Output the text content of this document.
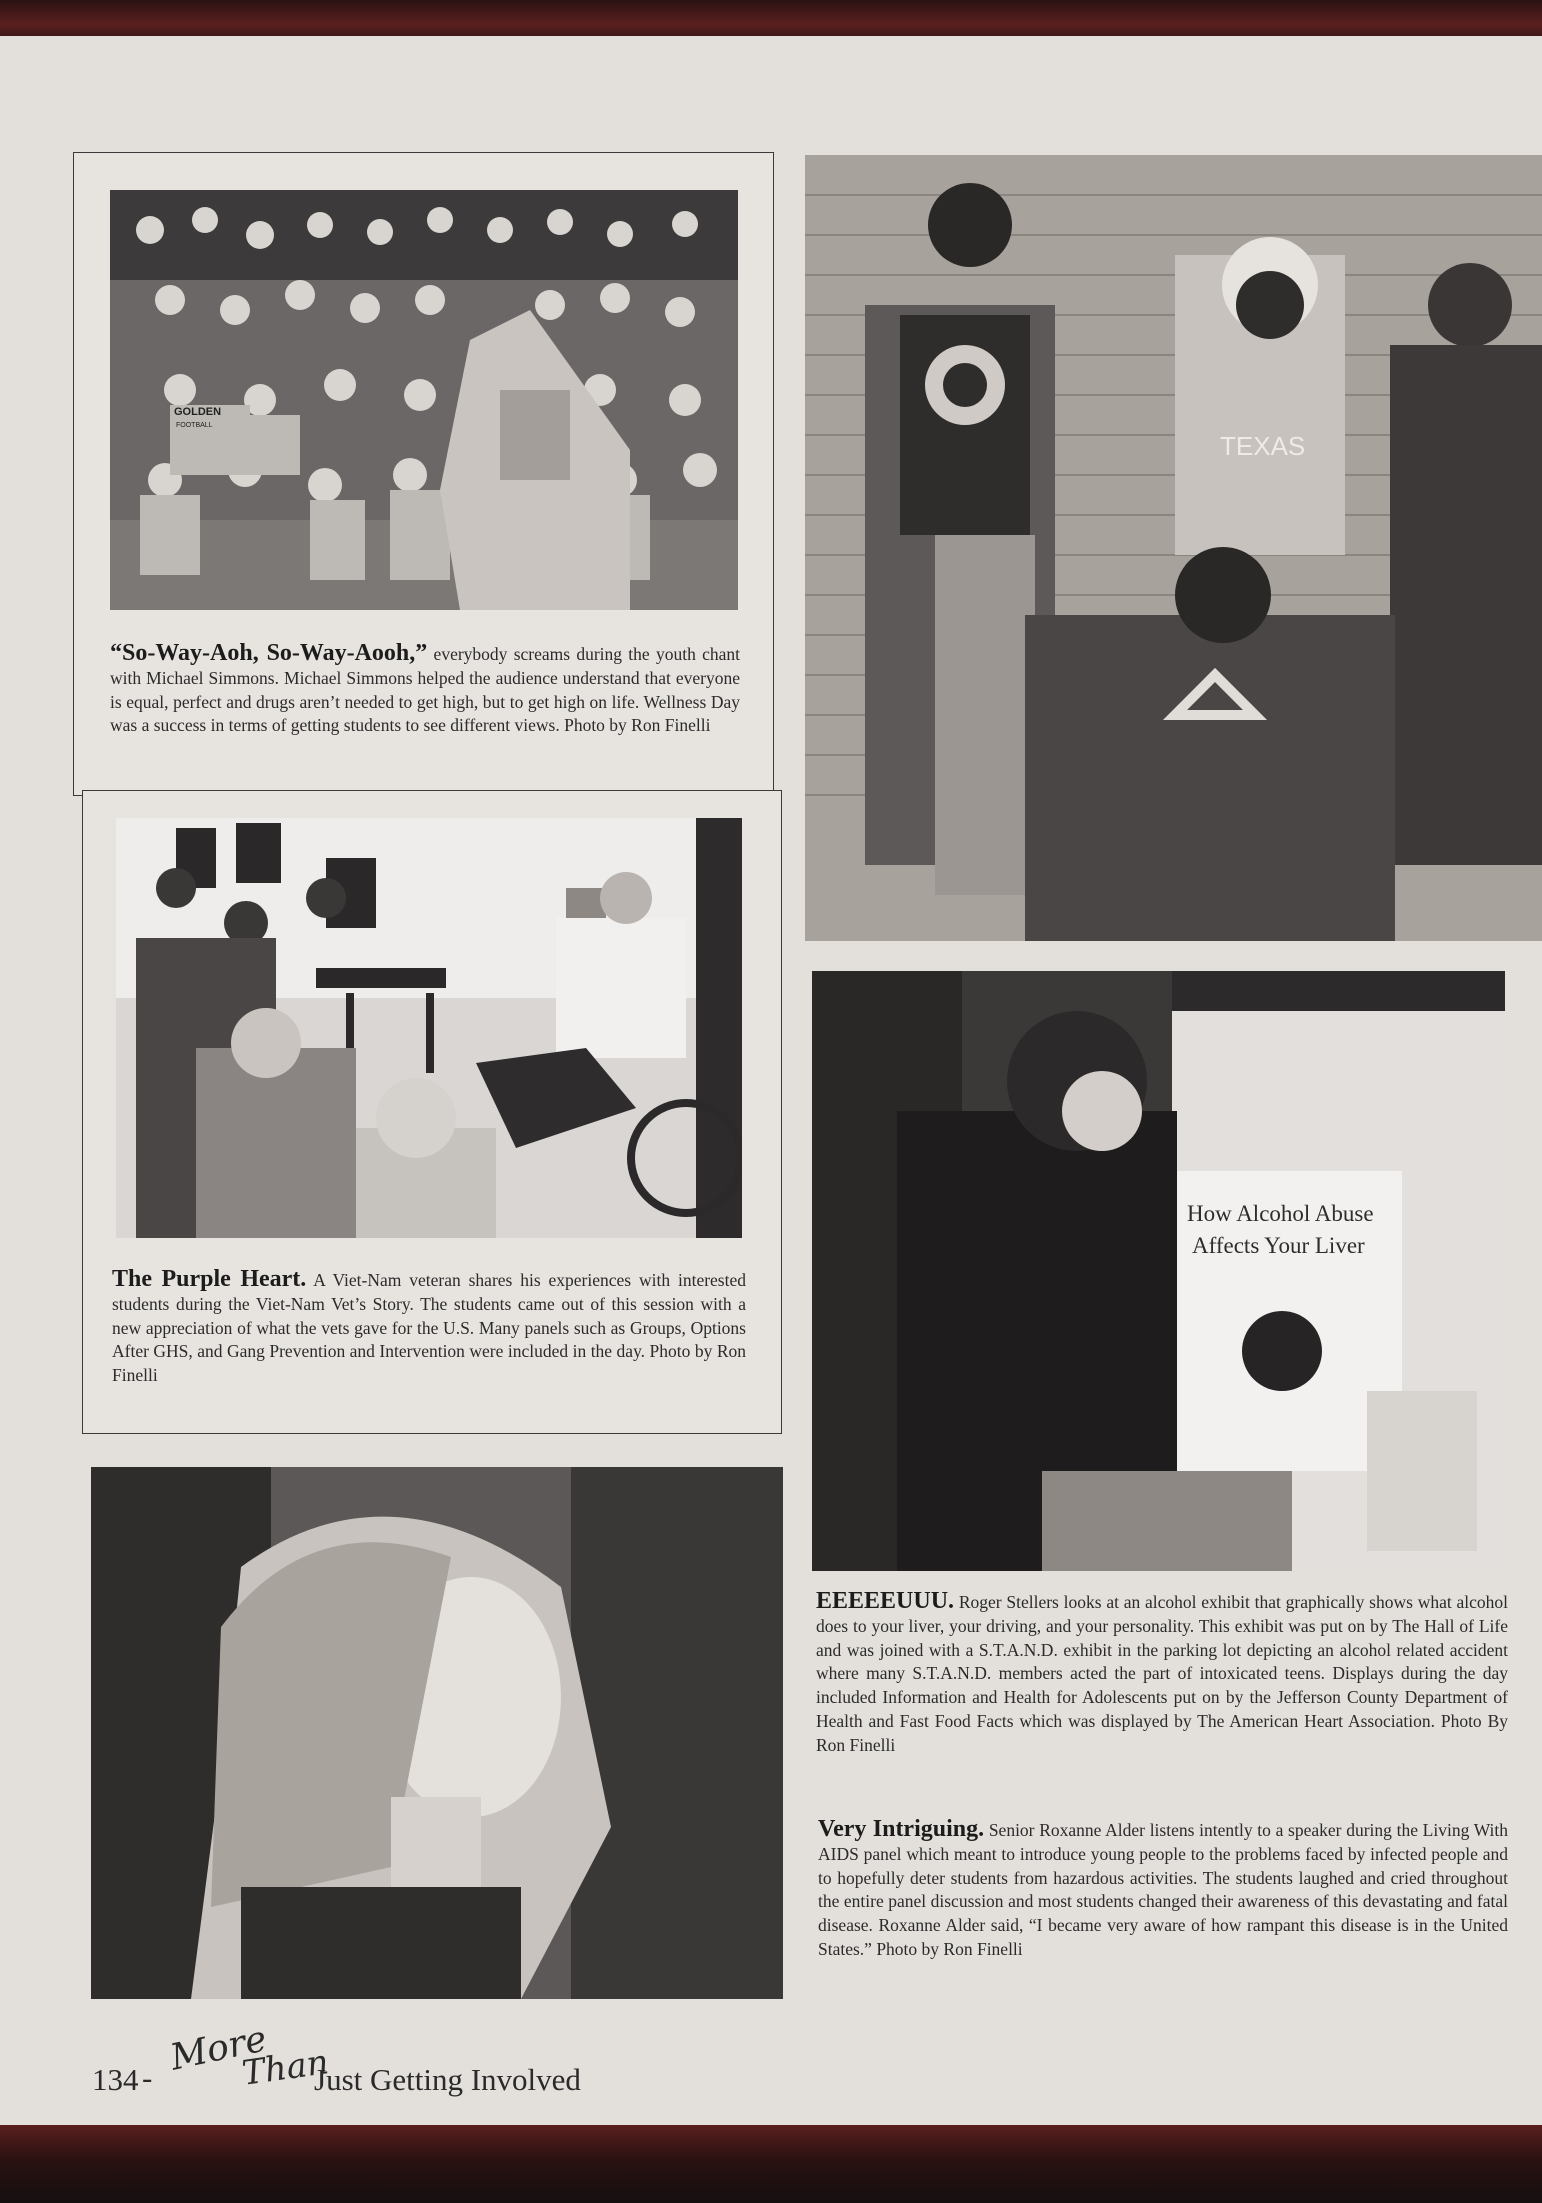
GOLDEN
FOOTBALL
“So-Way-Aoh, So-Way-Aooh,” everybody screams during the youth chant with Michael Simmons. Michael Simmons helped the audience understand that everyone is equal, perfect and drugs aren’t needed to get high, but to get high on life. Wellness Day was a success in terms of getting students to see different views. Photo by Ron Finelli
The Purple Heart. A Viet-Nam veteran shares his experiences with interested students during the Viet-Nam Vet’s Story. The students came out of this session with a new appreciation of what the vets gave for the U.S. Many panels such as Groups, Options After GHS, and Gang Prevention and Intervention were included in the day. Photo by Ron Finelli
TEXAS
How Alcohol Abuse
Affects Your Liver
EEEEEUUU. Roger Stellers looks at an alcohol exhibit that graphically shows what alcohol does to your liver, your driving, and your personality. This exhibit was put on by The Hall of Life and was joined with a S.T.A.N.D. exhibit in the parking lot depicting an alcohol related accident where many S.T.A.N.D. members acted the part of intoxicated teens. Displays during the day included Information and Health for Adolescents put on by the Jefferson County Department of Health and Fast Food Facts which was displayed by The American Heart Association. Photo By Ron Finelli
Very Intriguing. Senior Roxanne Alder listens intently to a speaker during the Living With AIDS panel which meant to introduce young people to the problems faced by infected people and to hopefully deter students from hazardous activities. The students laughed and cried throughout the entire panel discussion and most students changed their awareness of this devastating and fatal disease. Roxanne Alder said, “I became very aware of how rampant this disease is in the United States.” Photo by Ron Finelli
134 - More
Than
Just Getting Involved
